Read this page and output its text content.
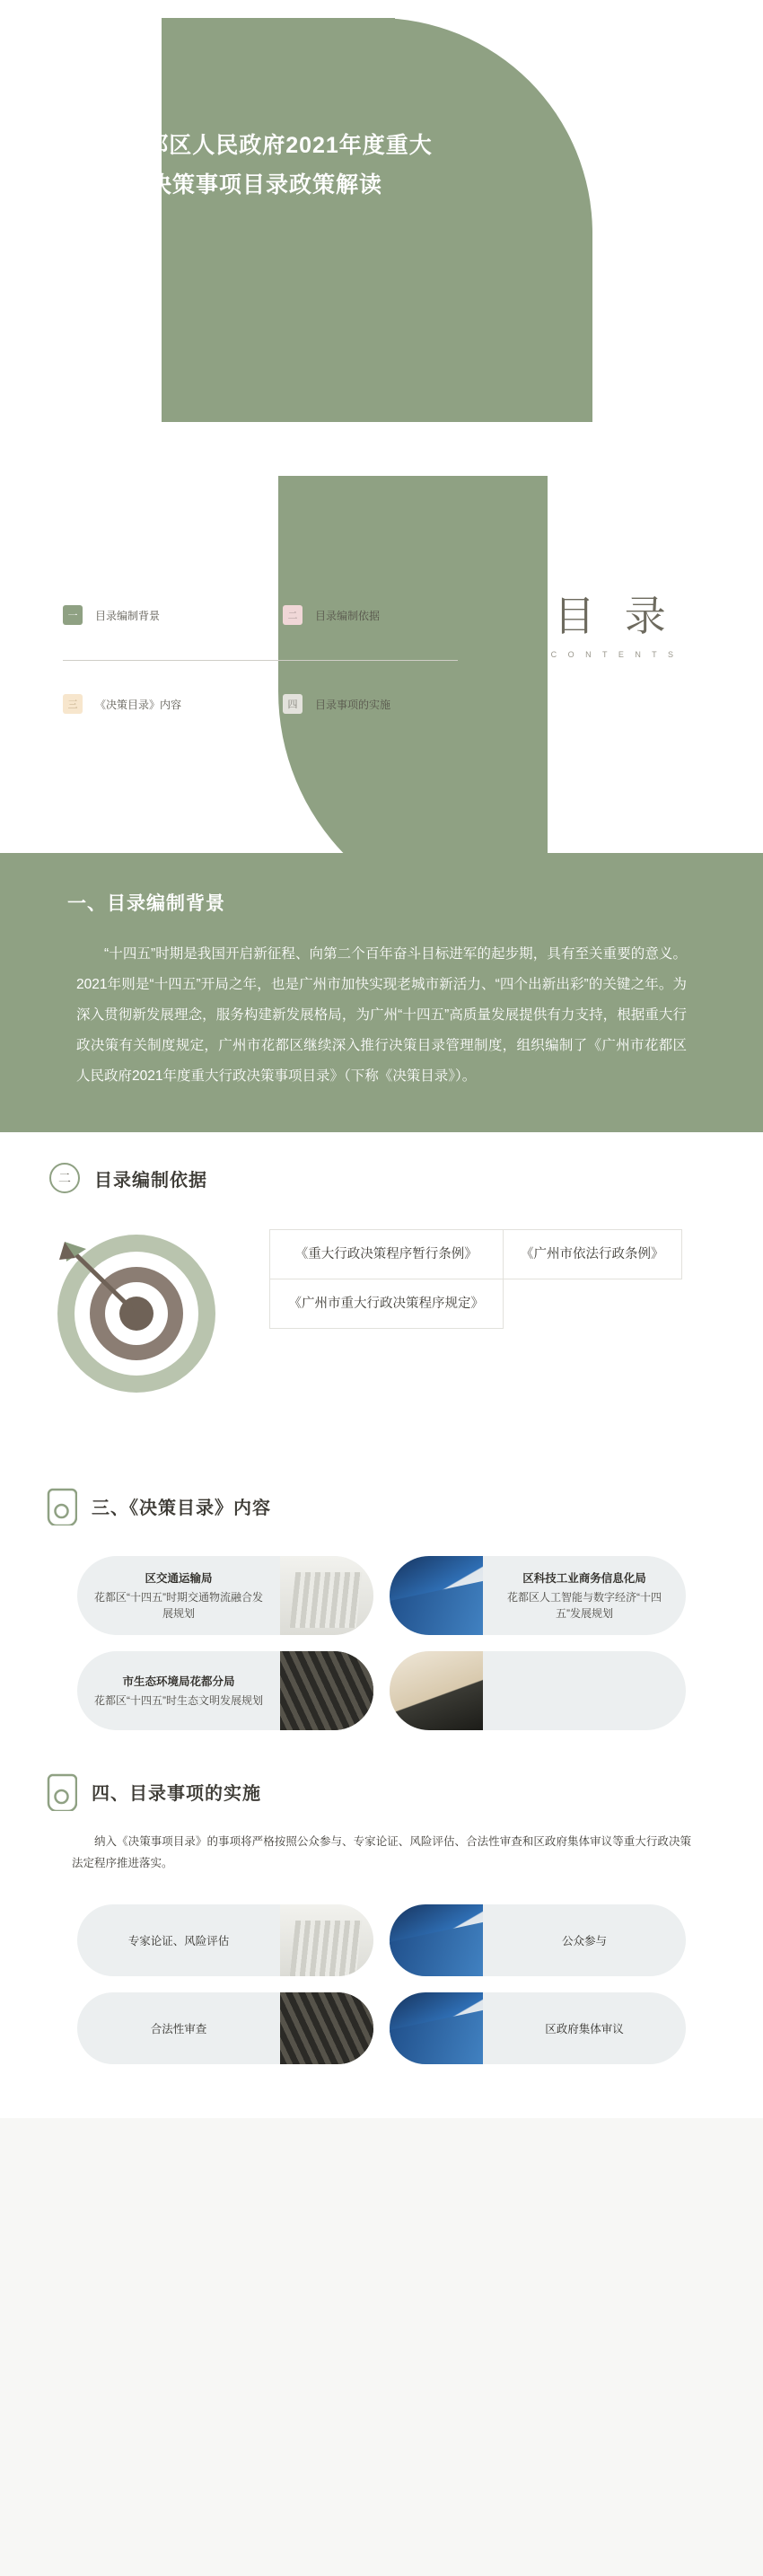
广州市花都区人民政府2021年度重大行政决策事项目录政策解读
目 录
C O N T E N T S
一	目录编制背景	二	目录编制依据
三	《决策目录》内容	四	目录事项的实施
一、目录编制背景
“十四五”时期是我国开启新征程、向第二个百年奋斗目标进军的起步期，具有至关重要的意义。2021年则是“十四五”开局之年，也是广州市加快实现老城市新活力、“四个出新出彩”的关键之年。为深入贯彻新发展理念，服务构建新发展格局，为广州“十四五”高质量发展提供有力支持，根据重大行政决策有关制度规定，广州市花都区继续深入推行决策目录管理制度，组织编制了《广州市花都区人民政府2021年度重大行政决策事项目录》（下称《决策目录》）。
二	目录编制依据
《重大行政决策程序暂行条例》	《广州市依法行政条例》
《广州市重大行政决策程序规定》	
三、《决策目录》内容
区交通运输局
花都区“十四五”时期交通物流融合发展规划
区科技工业商务信息化局
花都区人工智能与数字经济“十四五”发展规划
市生态环境局花都分局
花都区“十四五”时生态文明发展规划
四、目录事项的实施
纳入《决策事项目录》的事项将严格按照公众参与、专家论证、风险评估、合法性审查和区政府集体审议等重大行政决策法定程序推进落实。
专家论证、风险评估	公众参与
合法性审查	区政府集体审议
